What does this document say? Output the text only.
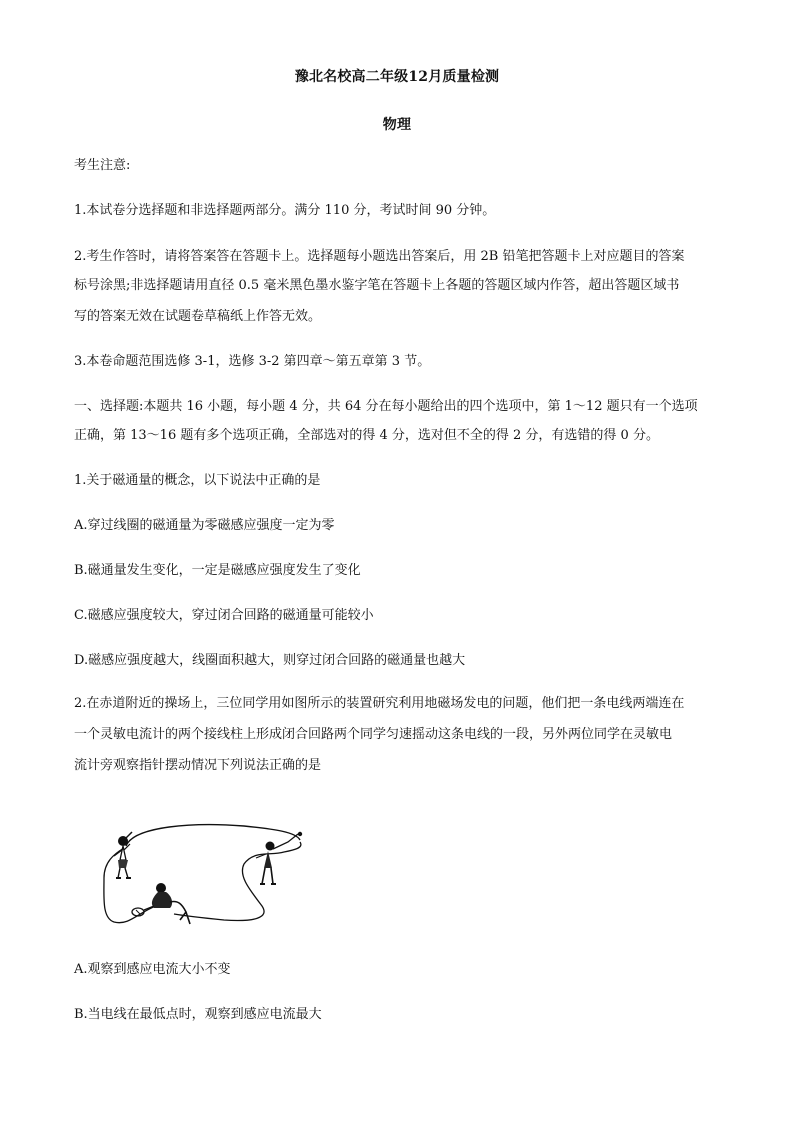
豫北名校高二年级12月质量检测
物理
考生注意:
1.本试卷分选择题和非选择题两部分。满分 110 分，考试时间 90 分钟。
2.考生作答时，请将答案答在答题卡上。选择题每小题选出答案后，用 2B 铅笔把答题卡上对应题目的答案
标号涂黑;非选择题请用直径 0.5 毫米黑色墨水鉴字笔在答题卡上各题的答题区域内作答，超出答题区域书
写的答案无效在试题卷草稿纸上作答无效。
3.本卷命题范围选修 3-1，选修 3-2 第四章～第五章第 3 节。
一、选择题:本题共 16 小题，每小题 4 分，共 64 分在每小题给出的四个选项中，第 1～12 题只有一个选项
正确，第 13～16 题有多个选项正确，全部选对的得 4 分，选对但不全的得 2 分，有选错的得 0 分。
1.关于磁通量的概念，以下说法中正确的是
A.穿过线圈的磁通量为零磁感应强度一定为零
B.磁通量发生变化，一定是磁感应强度发生了变化
C.磁感应强度较大，穿过闭合回路的磁通量可能较小
D.磁感应强度越大，线圈面积越大，则穿过闭合回路的磁通量也越大
2.在赤道附近的操场上，三位同学用如图所示的装置研究利用地磁场发电的问题，他们把一条电线两端连在
一个灵敏电流计的两个接线柱上形成闭合回路两个同学匀速摇动这条电线的一段，另外两位同学在灵敏电
流计旁观察指针摆动情况下列说法正确的是
A.观察到感应电流大小不变
B.当电线在最低点时，观察到感应电流最大
